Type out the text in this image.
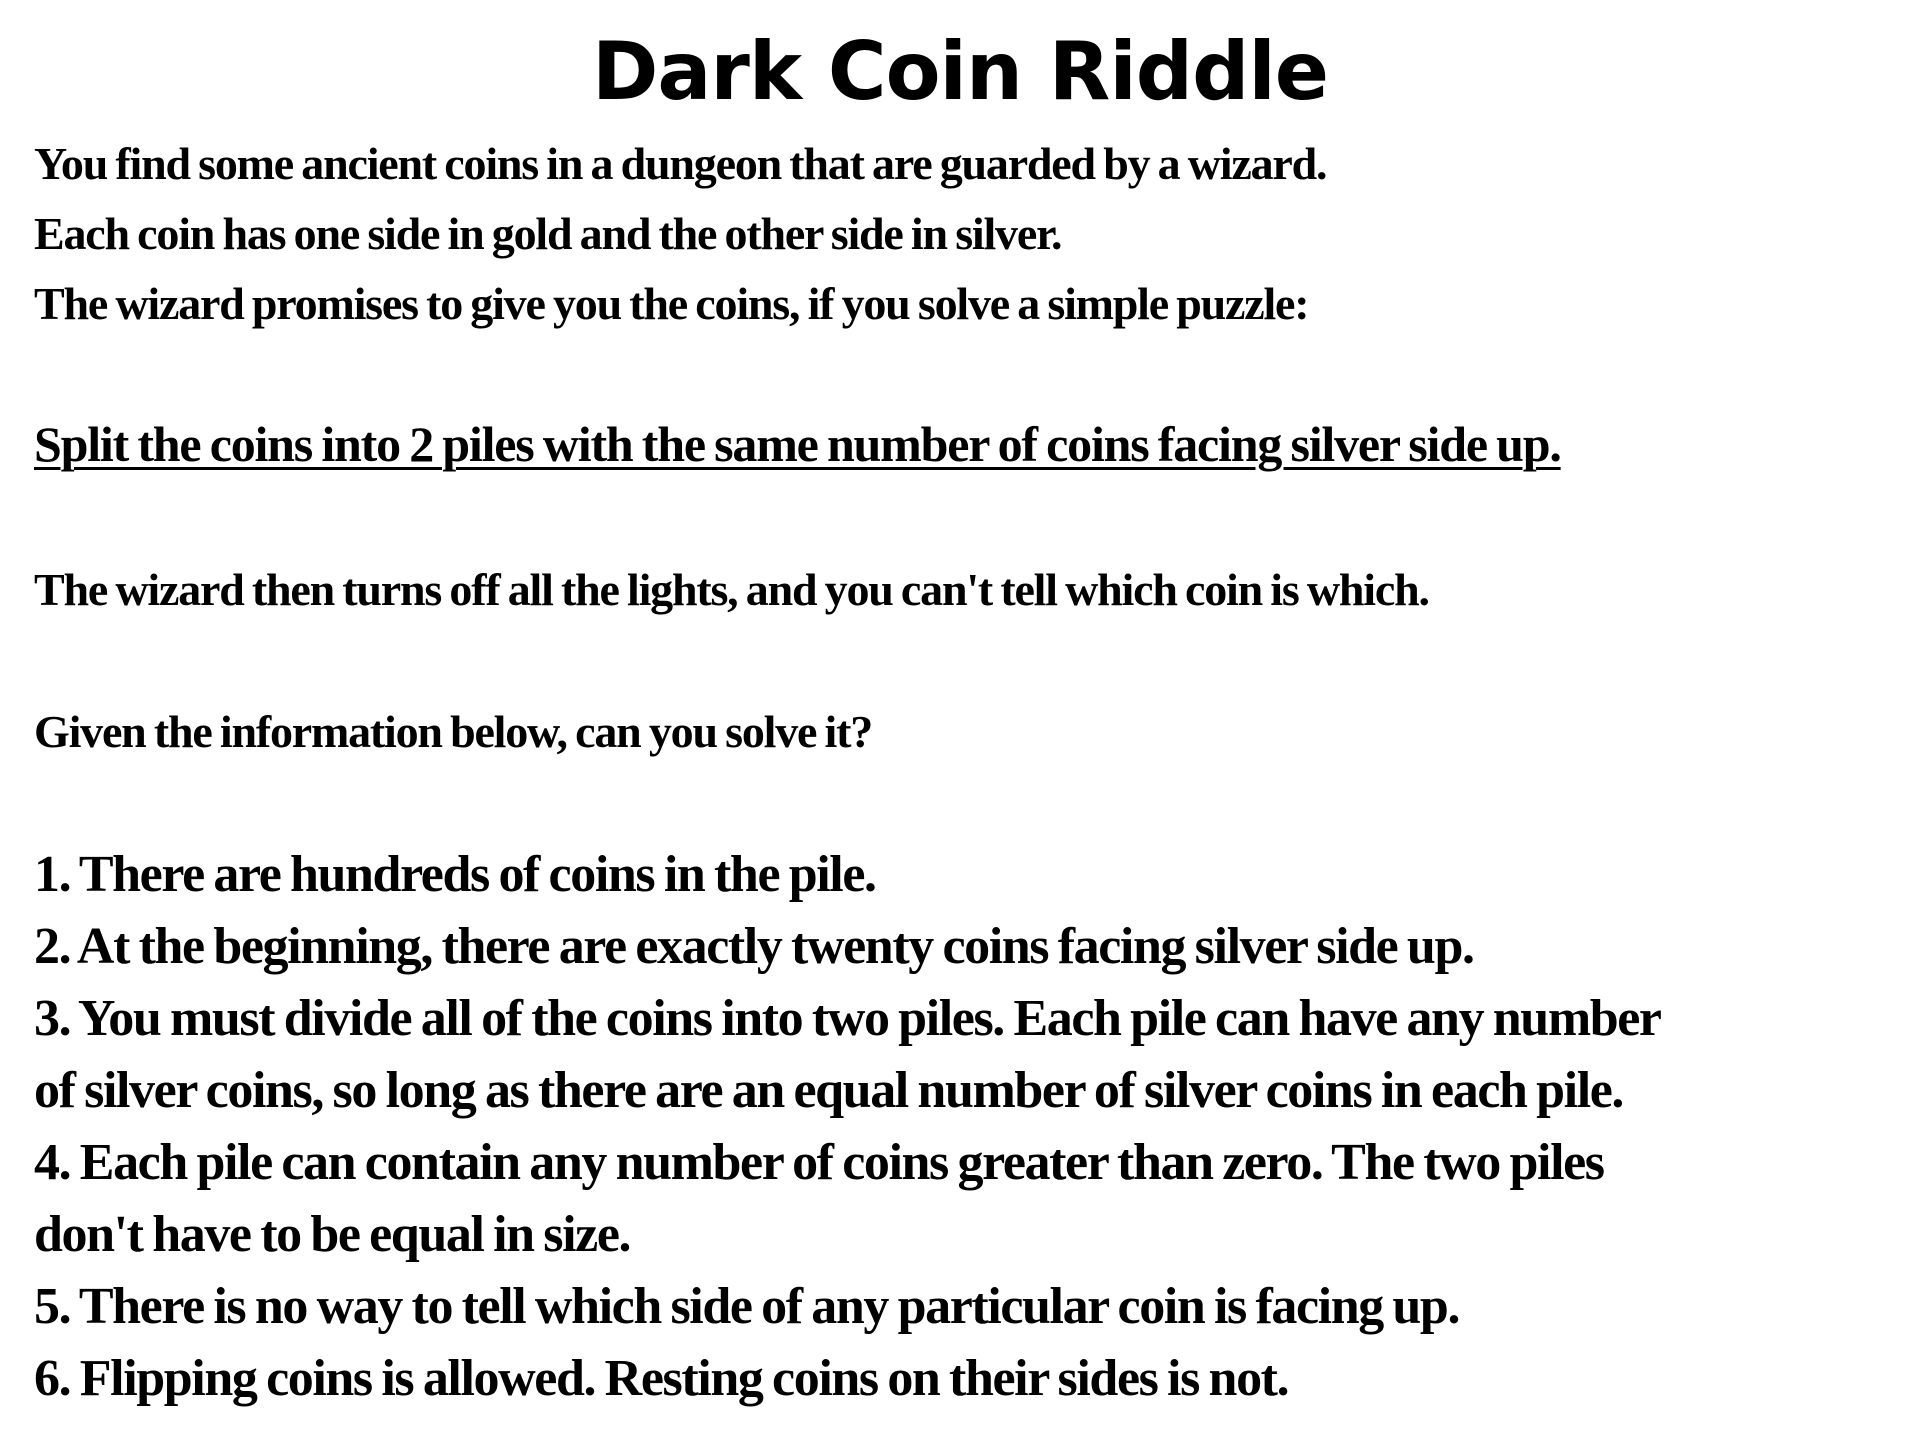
Dark Coin Riddle

You find some ancient coins in a dungeon that are guarded by a wizard.

Each coin has one side in gold and the other side in silver.

The wizard promises to give you the coins, if you solve a simple puzzle:

Split the coins into 2 piles with the same number of coins facing silver side up.

The wizard then turns off all the lights, and you can't tell which coin is which.

Given the information below, can you solve it?

1. There are hundreds of coins in the pile.

2. At the beginning, there are exactly twenty coins facing silver side up.

3. You must divide all of the coins into two piles. Each pile can have any number

of silver coins, so long as there are an equal number of silver coins in each pile.

4. Each pile can contain any number of coins greater than zero. The two piles

don't have to be equal in size.

5. There is no way to tell which side of any particular coin is facing up.

6. Flipping coins is allowed. Resting coins on their sides is not.
